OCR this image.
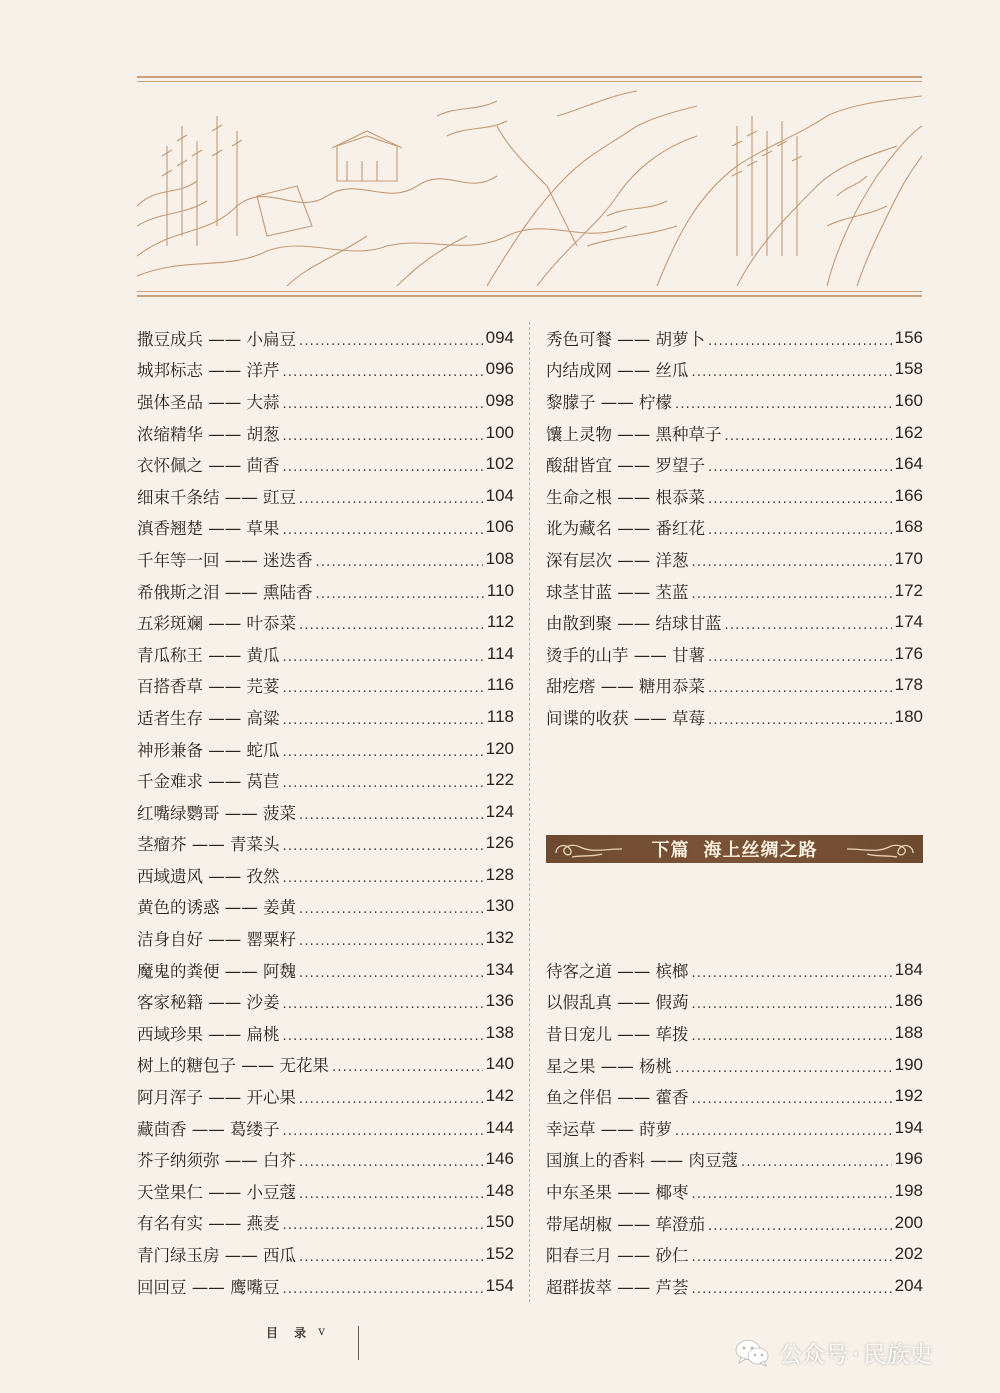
撒豆成兵 —— 小扁豆 .....	094
城邦标志 —— 洋芹 .....	096
强体圣品 —— 大蒜 .....	098
浓缩精华 —— 胡葱 .....	100
衣怀佩之 —— 茴香 .....	102
细束千条结 —— 豇豆 .....	104
滇香翘楚 —— 草果 .....	106
千年等一回 —— 迷迭香 .....	108
希俄斯之泪 —— 熏陆香 .....	110
五彩斑斓 —— 叶忝菜 .....	112
青瓜称王 —— 黄瓜 .....	114
百搭香草 —— 芫荽 .....	116
适者生存 —— 高粱 .....	118
神形兼备 —— 蛇瓜 .....	120
千金难求 —— 莴苣 .....	122
红嘴绿鹦哥 —— 菠菜 .....	124
茎瘤芥 —— 青菜头 .....	126
西域遗风 —— 孜然 .....	128
黄色的诱惑 —— 姜黄 .....	130
洁身自好 —— 罂粟籽 .....	132
魔鬼的粪便 —— 阿魏 .....	134
客家秘籍 —— 沙姜 .....	136
西域珍果 —— 扁桃 .....	138
树上的糖包子 —— 无花果 .....	140
阿月浑子 —— 开心果 .....	142
藏茴香 —— 葛缕子 .....	144
芥子纳须弥 —— 白芥 .....	146
天堂果仁 —— 小豆蔻 .....	148
有名有实 —— 燕麦 .....	150
青门绿玉房 —— 西瓜 .....	152
回回豆 —— 鹰嘴豆 .....	154
秀色可餐 —— 胡萝卜 .....	156
内结成网 —— 丝瓜 .....	158
黎朦子 —— 柠檬 .....	160
馕上灵物 —— 黑种草子 .....	162
酸甜皆宜 —— 罗望子 .....	164
生命之根 —— 根忝菜 .....	166
讹为藏名 —— 番红花 .....	168
深有层次 —— 洋葱 .....	170
球茎甘蓝 —— 苤蓝 .....	172
由散到聚 —— 结球甘蓝 .....	174
烫手的山芋 —— 甘薯 .....	176
甜疙瘩 —— 糖用忝菜 .....	178
间谍的收获 —— 草莓 .....	180
下篇 海上丝绸之路
待客之道 —— 槟榔 .....	184
以假乱真 —— 假蒟 .....	186
昔日宠儿 —— 荜拨 .....	188
星之果 —— 杨桃 .....	190
鱼之伴侣 —— 藿香 .....	192
幸运草 —— 莳萝 .....	194
国旗上的香料 —— 肉豆蔻 .....	196
中东圣果 —— 椰枣 .....	198
带尾胡椒 —— 荜澄茄 .....	200
阳春三月 —— 砂仁 .....	202
超群拔萃 —— 芦荟 .....	204
目 录 v
公众号 · 民族史
